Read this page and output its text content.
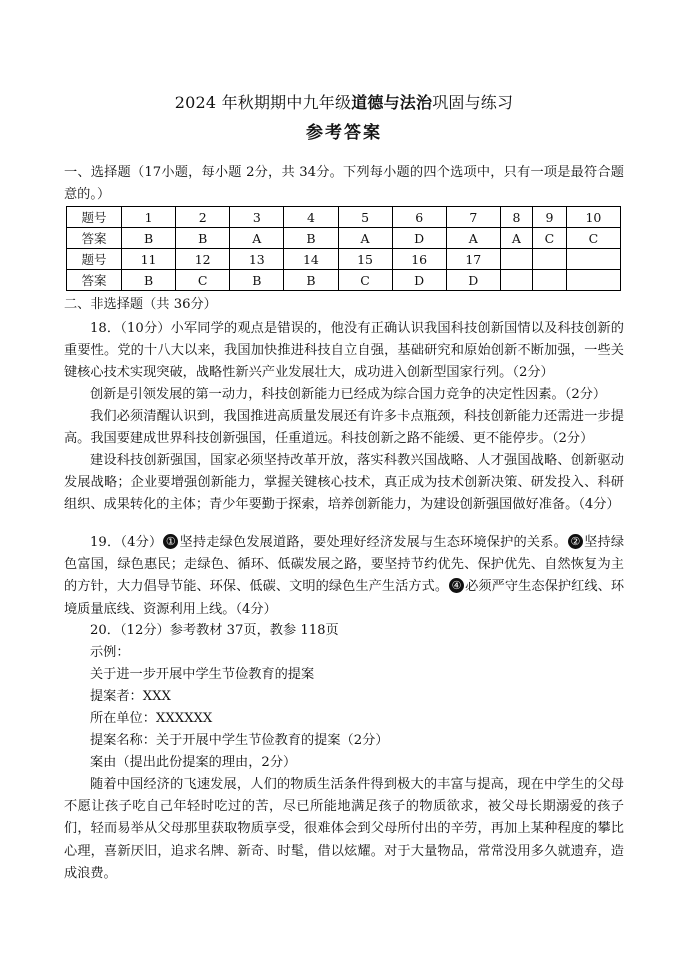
2024 年秋期期中九年级道德与法治巩固与练习
参考答案
一、选择题（17小题，每小题 2分，共 34分。下列每小题的四个选项中，只有一项是最符合题意的。）
题号	1	2	3	4	5	6	7	8	9	10
答案	B	B	A	B	A	D	A	A	C	C
题号	11	12	13	14	15	16	17			
答案	B	C	B	B	C	D	D			
二、非选择题（共 36分）
18．（10分）小军同学的观点是错误的，他没有正确认识我国科技创新国情以及科技创新的重要性。党的十八大以来，我国加快推进科技自立自强，基础研究和原始创新不断加强，一些关键核心技术实现突破，战略性新兴产业发展壮大，成功进入创新型国家行列。（2分）
创新是引领发展的第一动力，科技创新能力已经成为综合国力竞争的决定性因素。（2分）
我们必须清醒认识到，我国推进高质量发展还有许多卡点瓶颈，科技创新能力还需进一步提高。我国要建成世界科技创新强国，任重道远。科技创新之路不能缓、更不能停步。（2分）
建设科技创新强国，国家必须坚持改革开放，落实科教兴国战略、人才强国战略、创新驱动发展战略；企业要增强创新能力，掌握关键核心技术，真正成为技术创新决策、研发投入、科研组织、成果转化的主体；青少年要勤于探索，培养创新能力，为建设创新强国做好准备。（4分）
19．（4分） ① 坚持走绿色发展道路，要处理好经济发展与生态环境保护的关系。 ② 坚持绿色富国，绿色惠民；走绿色、循环、低碳发展之路，要坚持节约优先、保护优先、自然恢复为主的方针，大力倡导节能、环保、低碳、文明的绿色生产生活方式。 ④ 必须严守生态保护红线、环境质量底线、资源利用上线。（4分）
20．（12分）参考教材 37页，教参 118页
示例：
关于进一步开展中学生节俭教育的提案
提案者：XXX
所在单位：XXXXXX
提案名称：关于开展中学生节俭教育的提案（2分）
案由（提出此份提案的理由，2分）
随着中国经济的飞速发展，人们的物质生活条件得到极大的丰富与提高，现在中学生的父母不愿让孩子吃自己年轻时吃过的苦，尽已所能地满足孩子的物质欲求，被父母长期溺爱的孩子们，轻而易举从父母那里获取物质享受，很难体会到父母所付出的辛劳，再加上某种程度的攀比心理，喜新厌旧，追求名牌、新奇、时髦，借以炫耀。对于大量物品，常常没用多久就遗弃，造成浪费。
